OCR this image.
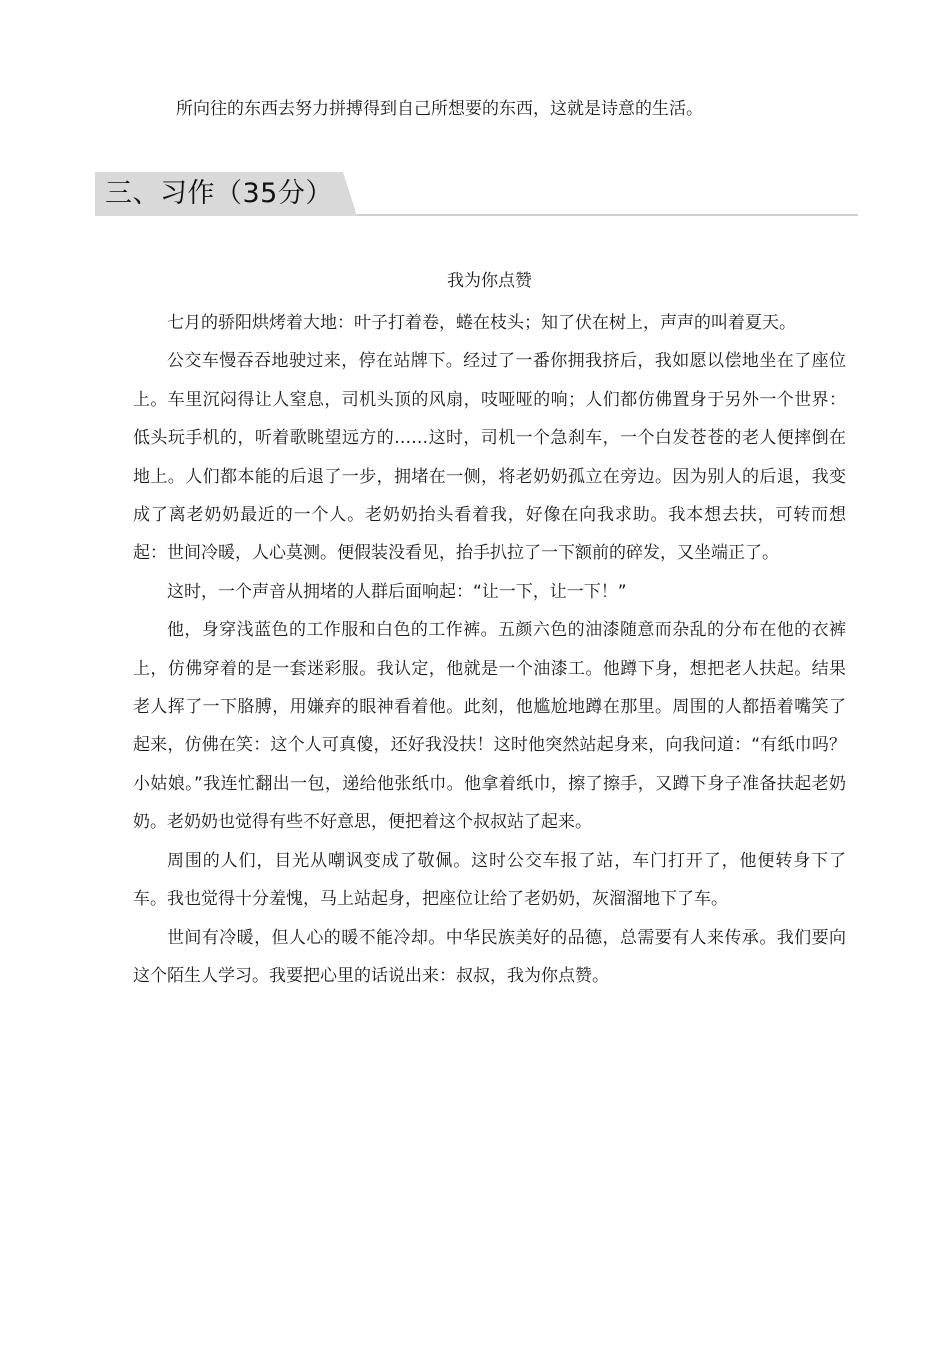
所向往的东西去努力拼搏得到自己所想要的东西，这就是诗意的生活。
三、习作（35分）
我为你点赞

七月的骄阳烘烤着大地：叶子打着卷，蜷在枝头；知了伏在树上，声声的叫着夏天。

公交车慢吞吞地驶过来，停在站牌下。经过了一番你拥我挤后，我如愿以偿地坐在了座位上。车里沉闷得让人窒息，司机头顶的风扇，吱哑哑的响；人们都仿佛置身于另外一个世界：低头玩手机的，听着歌眺望远方的……这时，司机一个急刹车，一个白发苍苍的老人便摔倒在地上。人们都本能的后退了一步，拥堵在一侧，将老奶奶孤立在旁边。因为别人的后退，我变成了离老奶奶最近的一个人。老奶奶抬头看着我，好像在向我求助。我本想去扶，可转而想起：世间冷暖，人心莫测。便假装没看见，抬手扒拉了一下额前的碎发，又坐端正了。

这时，一个声音从拥堵的人群后面响起：“让一下，让一下！”

他，身穿浅蓝色的工作服和白色的工作裤。五颜六色的油漆随意而杂乱的分布在他的衣裤上，仿佛穿着的是一套迷彩服。我认定，他就是一个油漆工。他蹲下身，想把老人扶起。结果老人挥了一下胳膊，用嫌弃的眼神看着他。此刻，他尴尬地蹲在那里。周围的人都捂着嘴笑了起来，仿佛在笑：这个人可真傻，还好我没扶！这时他突然站起身来，向我问道：“有纸巾吗？小姑娘。”我连忙翻出一包，递给他张纸巾。他拿着纸巾，擦了擦手，又蹲下身子准备扶起老奶奶。老奶奶也觉得有些不好意思，便把着这个叔叔站了起来。

周围的人们，目光从嘲讽变成了敬佩。这时公交车报了站，车门打开了，他便转身下了车。我也觉得十分羞愧，马上站起身，把座位让给了老奶奶，灰溜溜地下了车。

世间有冷暖，但人心的暖不能冷却。中华民族美好的品德，总需要有人来传承。我们要向这个陌生人学习。我要把心里的话说出来：叔叔，我为你点赞。
